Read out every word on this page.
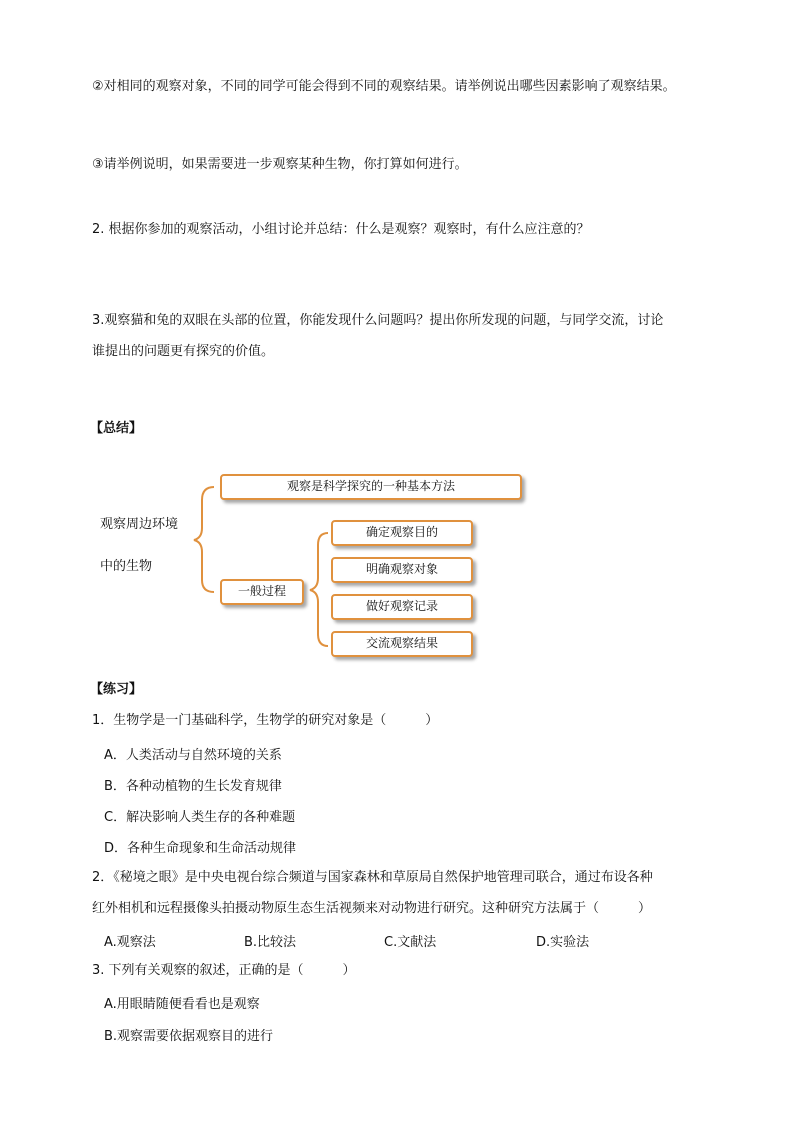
②对相同的观察对象，不同的同学可能会得到不同的观察结果。请举例说出哪些因素影响了观察结果。
③请举例说明，如果需要进一步观察某种生物，你打算如何进行。
2. 根据你参加的观察活动，小组讨论并总结：什么是观察？观察时，有什么应注意的？
3.观察猫和兔的双眼在头部的位置，你能发现什么问题吗？提出你所发现的问题，与同学交流，讨论
谁提出的问题更有探究的价值。
【总结】
观察周边环境
中的生物
观察是科学探究的一种基本方法
一般过程
确定观察目的
明确观察对象
做好观察记录
交流观察结果
【练习】
1．生物学是一门基础科学，生物学的研究对象是（　　　）
A．人类活动与自然环境的关系
B．各种动植物的生长发育规律
C．解决影响人类生存的各种难题
D．各种生命现象和生命活动规律
2．《秘境之眼》是中央电视台综合频道与国家森林和草原局自然保护地管理司联合，通过布设各种
红外相机和远程摄像头拍摄动物原生态生活视频来对动物进行研究。这种研究方法属于（　　　）
A.观察法	B.比较法	C.文献法	D.实验法
3. 下列有关观察的叙述，正确的是（　　　）
A.用眼睛随便看看也是观察
B.观察需要依据观察目的进行
